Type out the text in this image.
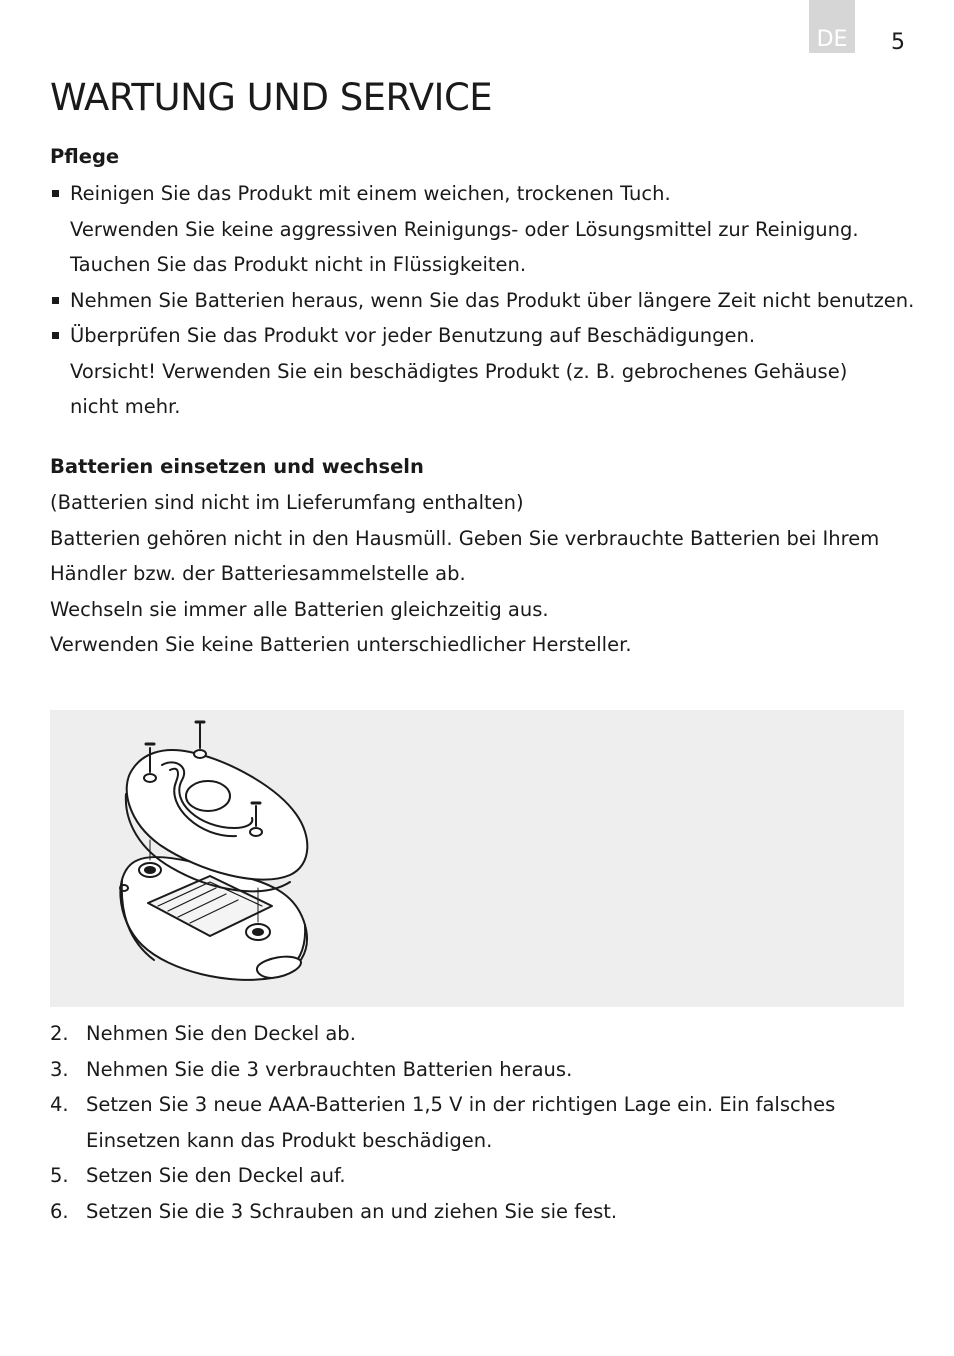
DE	5
WARTUNG UND SERVICE
Pflege
Reinigen Sie das Produkt mit einem weichen, trockenen Tuch.
Verwenden Sie keine aggressiven Reinigungs- oder Lösungsmittel zur Reinigung.
Tauchen Sie das Produkt nicht in Flüssigkeiten.
Nehmen Sie Batterien heraus, wenn Sie das Produkt über längere Zeit nicht benutzen.
Überprüfen Sie das Produkt vor jeder Benutzung auf Beschädigungen.
Vorsicht! Verwenden Sie ein beschädigtes Produkt (z. B. gebrochenes Gehäuse)
nicht mehr.
Batterien einsetzen und wechseln
(Batterien sind nicht im Lieferumfang enthalten)
Batterien gehören nicht in den Hausmüll. Geben Sie verbrauchte Batterien bei Ihrem
Händler bzw. der Batteriesammelstelle ab.
Wechseln sie immer alle Batterien gleichzeitig aus.
Verwenden Sie keine Batterien unterschiedlicher Hersteller.
2. Nehmen Sie den Deckel ab.
3. Nehmen Sie die 3 verbrauchten Batterien heraus.
4. Setzen Sie 3 neue AAA-Batterien 1,5 V in der richtigen Lage ein. Ein falsches
Einsetzen kann das Produkt beschädigen.
5. Setzen Sie den Deckel auf.
6. Setzen Sie die 3 Schrauben an und ziehen Sie sie fest.
